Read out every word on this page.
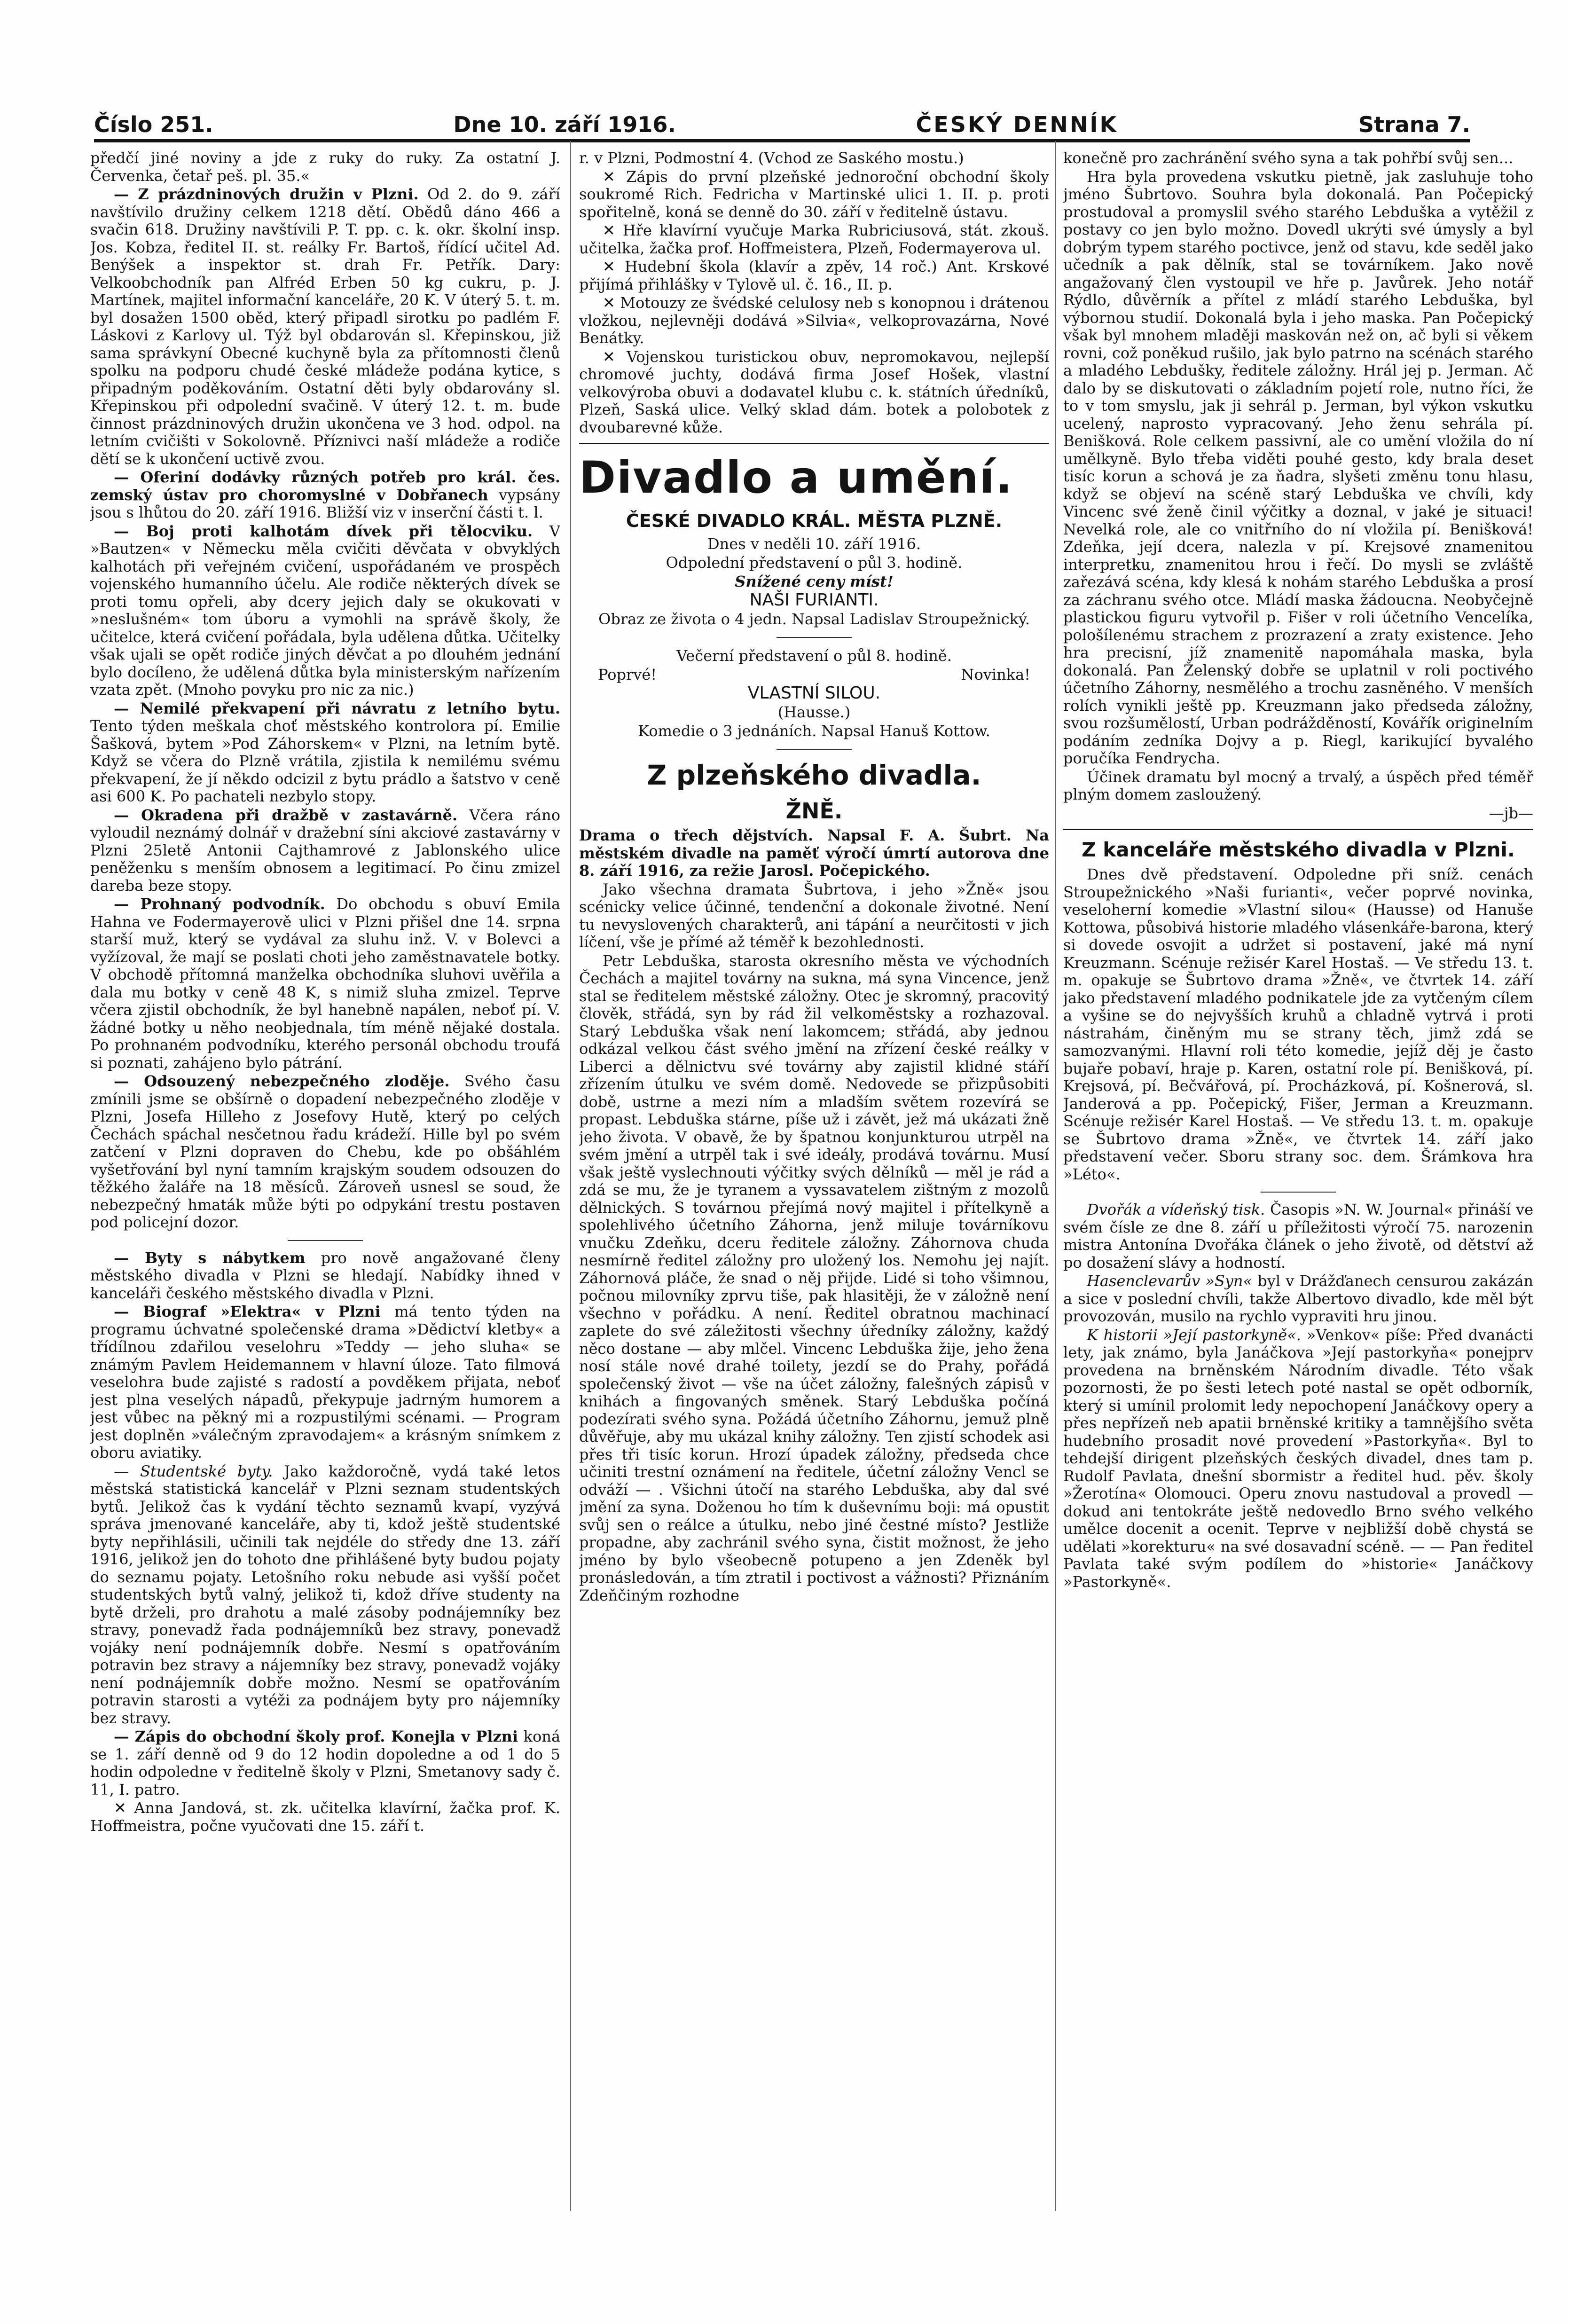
Číslo 251.	Dne 10. září 1916.	ČESKÝ DENNÍK	Strana 7.

předčí jiné noviny a jde z ruky do ruky. Za ostatní J. Červenka, četař peš. pl. 35.«

— Z prázdninových družin v Plzni. Od 2. do 9. září navštívilo družiny celkem 1218 dětí. Obědů dáno 466 a svačin 618. Družiny navštívili P. T. pp. c. k. okr. školní insp. Jos. Kobza, ředitel II. st. reálky Fr. Bartoš, řídící učitel Ad. Benýšek a inspektor st. drah Fr. Petřík. Dary: Velkoobchodník pan Alfréd Erben 50 kg cukru, p. J. Martínek, majitel informační kanceláře, 20 K. V úterý 5. t. m. byl dosažen 1500 oběd, který připadl sirotku po padlém F. Láskovi z Karlovy ul. Týž byl obdarován sl. Křepinskou, již sama správkyní Obecné kuchyně byla za přítomnosti členů spolku na podporu chudé české mládeže podána kytice, s připadným poděkováním. Ostatní děti byly obdarovány sl. Křepinskou při odpolední svačině. V úterý 12. t. m. bude činnost prázdninových družin ukončena ve 3 hod. odpol. na letním cvičišti v Sokolovně. Příznivci naší mládeže a rodiče dětí se k ukončení uctivě zvou.

— Oferiní dodávky různých potřeb pro král. čes. zemský ústav pro choromyslné v Dobřanech vypsány jsou s lhůtou do 20. září 1916. Bližší viz v inserční části t. l.

— Boj proti kalhotám dívek při tělocviku. V »Bautzen« v Německu měla cvičiti děvčata v obvyklých kalhotách při veřejném cvičení, uspořádaném ve prospěch vojenského humanního účelu. Ale rodiče některých dívek se proti tomu opřeli, aby dcery jejich daly se okukovati v »neslušném« tom úboru a vymohli na správě školy, že učitelce, která cvičení pořádala, byla udělena důtka. Učitelky však ujali se opět rodiče jiných děvčat a po dlouhém jednání bylo docíleno, že udělená důtka byla ministerským nařízením vzata zpět. (Mnoho povyku pro nic za nic.)

— Nemilé překvapení při návratu z letního bytu. Tento týden meškala choť městského kontrolora pí. Emilie Šašková, bytem »Pod Záhorskem« v Plzni, na letním bytě. Když se včera do Plzně vrátila, zjistila k nemilému svému překvapení, že jí někdo odcizil z bytu prádlo a šatstvo v ceně asi 600 K. Po pachateli nezbylo stopy.

— Okradena při dražbě v zastavárně. Včera ráno vyloudil neznámý dolnář v dražební síni akciové zastavárny v Plzni 25letě Antonii Cajthamrové z Jablonského ulice peněženku s menším obnosem a legitimací. Po činu zmizel dareba beze stopy.

— Prohnaný podvodník. Do obchodu s obuví Emila Hahna ve Fodermayerově ulici v Plzni přišel dne 14. srpna starší muž, který se vydával za sluhu inž. V. v Bolevci a vyžízoval, že mají se poslati choti jeho zaměstnavatele botky. V obchodě přítomná manželka obchodníka sluhovi uvěřila a dala mu botky v ceně 48 K, s nimiž sluha zmizel. Teprve včera zjistil obchodník, že byl hanebně napálen, neboť pí. V. žádné botky u něho neobjednala, tím méně nějaké dostala. Po prohnaném podvodníku, kterého personál obchodu troufá si poznati, zahájeno bylo pátrání.

— Odsouzený nebezpečného zloděje. Svého času zmínili jsme se obšírně o dopadení nebezpečného zloděje v Plzni, Josefa Hilleho z Josefovy Hutě, který po celých Čechách spáchal nesčetnou řadu krádeží. Hille byl po svém zatčení v Plzni dopraven do Chebu, kde po obšáhlém vyšetřování byl nyní tamním krajským soudem odsouzen do těžkého žaláře na 18 měsíců. Zároveň usnesl se soud, že nebezpečný hmaták může býti po odpykání trestu postaven pod policejní dozor.

— Byty s nábytkem pro nově angažované členy městského divadla v Plzni se hledají. Nabídky ihned v kanceláři českého městského divadla v Plzni.

— Biograf »Elektra« v Plzni má tento týden na programu úchvatné společenské drama »Dědictví kletby« a třídílnou zdařilou veselohru »Teddy — jeho sluha« se známým Pavlem Heidemannem v hlavní úloze. Tato filmová veselohra bude zajisté s radostí a povděkem přijata, neboť jest plna veselých nápadů, překypuje jadrným humorem a jest vůbec na pěkný mi a rozpustilými scénami. — Program jest doplněn »válečným zpravodajem« a krásným snímkem z oboru aviatiky.

— Studentské byty. Jako každoročně, vydá také letos městská statistická kancelář v Plzni seznam studentských bytů. Jelikož čas k vydání těchto seznamů kvapí, vyzývá správa jmenované kanceláře, aby ti, kdož ještě studentské byty nepřihlásili, učinili tak nejdéle do středy dne 13. září 1916, jelikož jen do tohoto dne přihlášené byty budou pojaty do seznamu pojaty. Letošního roku nebude asi vyšší počet studentských bytů valný, jelikož ti, kdož dříve studenty na bytě drželi, pro drahotu a malé zásoby podnájemníky bez stravy, ponevadž řada podnájemníků bez stravy, ponevadž vojáky není podnájemník dobře. Nesmí s opatřováním potravin bez stravy a nájemníky bez stravy, ponevadž vojáky není podnájemník dobře možno. Nesmí se opatřováním potravin starosti a vytéži za podnájem byty pro nájemníky bez stravy.

— Zápis do obchodní školy prof. Konejla v Plzni koná se 1. září denně od 9 do 12 hodin dopoledne a od 1 do 5 hodin odpoledne v ředitelně školy v Plzni, Smetanovy sady č. 11, I. patro.

✕ Anna Jandová, st. zk. učitelka klavírní, žačka prof. K. Hoffmeistra, počne vyučovati dne 15. září t.

r. v Plzni, Podmostní 4. (Vchod ze Saského mostu.)

✕ Zápis do první plzeňské jednoroční obchodní školy soukromé Rich. Fedricha v Martinské ulici 1. II. p. proti spořitelně, koná se denně do 30. září v ředitelně ústavu.

✕ Hře klavírní vyučuje Marka Rubriciusová, stát. zkouš. učitelka, žačka prof. Hoffmeistera, Plzeň, Fodermayerova ul.

✕ Hudební škola (klavír a zpěv, 14 roč.) Ant. Krskové přijímá přihlášky v Tylově ul. č. 16., II. p.

✕ Motouzy ze švédské celulosy neb s konopnou i drátenou vložkou, nejlevněji dodává »Silvia«, velkoprovazárna, Nové Benátky.

✕ Vojenskou turistickou obuv, nepromokavou, nejlepší chromové juchty, dodává firma Josef Hošek, vlastní velkovýroba obuvi a dodavatel klubu c. k. státních úředníků, Plzeň, Saská ulice. Velký sklad dám. botek a polobotek z dvoubarevné kůže.

Divadlo a umění.
ČESKÉ DIVADLO KRÁL. MĚSTA PLZNĚ.
Dnes v neděli 10. září 1916.
Odpolední představení o půl 3. hodině.
Snížené ceny míst!
NAŠI FURIANTI.
Obraz ze života o 4 jedn. Napsal Ladislav Stroupežnický.
Večerní představení o půl 8. hodině.
Poprvé!	Novinka!
VLASTNÍ SILOU.
(Hausse.)
Komedie o 3 jednáních. Napsal Hanuš Kottow.
Z plzeňského divadla.
ŽNĚ.

Drama o třech dějstvích. Napsal F. A. Šubrt. Na městském divadle na paměť výročí úmrtí autorova dne 8. září 1916, za režie Jarosl. Počepického.

Jako všechna dramata Šubrtova, i jeho »Žně« jsou scénicky velice účinné, tendenční a dokonale životné. Není tu nevyslovených charakterů, ani tápání a neurčitosti v jich líčení, vše je přímé až téměř k bezohlednosti.

Petr Lebduška, starosta okresního města ve východních Čechách a majitel továrny na sukna, má syna Vincence, jenž stal se ředitelem městské záložny. Otec je skromný, pracovitý člověk, střádá, syn by rád žil velkoměstsky a rozhazoval. Starý Lebduška však není lakomcem; střádá, aby jednou odkázal velkou část svého jmění na zřízení české reálky v Liberci a dělnictvu své továrny aby zajistil klidné stáří zřízením útulku ve svém domě. Nedovede se přizpůsobiti době, ustrne a mezi ním a mladším světem rozevírá se propast. Lebduška stárne, píše už i závět, jež má ukázati žně jeho života. V obavě, že by špatnou konjunkturou utrpěl na svém jmění a utrpěl tak i své ideály, prodává továrnu. Musí však ještě vyslechnouti výčitky svých dělníků — měl je rád a zdá se mu, že je tyranem a vyssavatelem zištným z mozolů dělnických. S továrnou přejímá nový majitel i přítelkyně a spolehlivého účetního Záhorna, jenž miluje továrníkovu vnučku Zdeňku, dceru ředitele záložny. Záhornova chuda nesmírně ředitel záložny pro uložený los. Nemohu jej najít. Záhornová pláče, že snad o něj přijde. Lidé si toho všimnou, počnou milovníky zprvu tiše, pak hlasitěji, že v záložně není všechno v pořádku. A není. Ředitel obratnou machinací zaplete do své záležitosti všechny úředníky záložny, každý něco dostane — aby mlčel. Vincenc Lebduška žije, jeho žena nosí stále nové drahé toilety, jezdí se do Prahy, pořádá společenský život — vše na účet záložny, falešných zápisů v knihách a fingovaných směnek. Starý Lebduška počíná podezírati svého syna. Požádá účetního Záhornu, jemuž plně důvěřuje, aby mu ukázal knihy záložny. Ten zjistí schodek asi přes tři tisíc korun. Hrozí úpadek záložny, předseda chce učiniti trestní oznámení na ředitele, účetní záložny Vencl se odváží — . Všichni útočí na starého Lebduška, aby dal své jmění za syna. Doženou ho tím k duševnímu boji: má opustit svůj sen o reálce a útulku, nebo jiné čestné místo? Jestliže propadne, aby zachránil svého syna, čistit možnost, že jeho jméno by bylo všeobecně potupeno a jen Zdeněk byl pronásledován, a tím ztratil i poctivost a vážnosti? Přiznáním Zdeňčiným rozhodne

konečně pro zachránění svého syna a tak pohřbí svůj sen...

Hra byla provedena vskutku pietně, jak zasluhuje toho jméno Šubrtovo. Souhra byla dokonalá. Pan Počepický prostudoval a promyslil svého starého Lebduška a vytěžil z postavy co jen bylo možno. Dovedl ukrýti své úmysly a byl dobrým typem starého poctivce, jenž od stavu, kde seděl jako učedník a pak dělník, stal se továrníkem. Jako nově angažovaný člen vystoupil ve hře p. Javůrek. Jeho notář Rýdlo, důvěrník a přítel z mládí starého Lebduška, byl výbornou studií. Dokonalá byla i jeho maska. Pan Počepický však byl mnohem mlaději maskován než on, ač byli si věkem rovni, což poněkud rušilo, jak bylo patrno na scénách starého a mladého Lebdušky, ředitele záložny. Hrál jej p. Jerman. Ač dalo by se diskutovati o základním pojetí role, nutno říci, že to v tom smyslu, jak ji sehrál p. Jerman, byl výkon vskutku ucelený, naprosto vypracovaný. Jeho ženu sehrála pí. Benišková. Role celkem passivní, ale co umění vložila do ní umělkyně. Bylo třeba viděti pouhé gesto, kdy brala deset tisíc korun a schová je za ňadra, slyšeti změnu tonu hlasu, když se objeví na scéně starý Lebduška ve chvíli, kdy Vincenc své ženě činil výčitky a doznal, v jaké je situaci! Nevelká role, ale co vnitřního do ní vložila pí. Benišková! Zdeňka, její dcera, nalezla v pí. Krejsové znamenitou interpretku, znamenitou hrou i řečí. Do mysli se zvláště zařezává scéna, kdy klesá k nohám starého Lebduška a prosí za záchranu svého otce. Mládí maska žádoucna. Neobyčejně plastickou figuru vytvořil p. Fišer v roli účetního Vencelíka, pološílenému strachem z prozrazení a zraty existence. Jeho hra precisní, jíž znamenitě napomáhala maska, byla dokonalá. Pan Želenský dobře se uplatnil v roli poctivého účetního Záhorny, nesmělého a trochu zasněného. V menších rolích vynikli ještě pp. Kreuzmann jako předseda záložny, svou rozšumělostí, Urban podrážděností, Kovářík originelním podáním zedníka Dojvy a p. Riegl, karikující byvalého poručíka Fendrycha.

Účinek dramatu byl mocný a trvalý, a úspěch před téměř plným domem zasloužený.

—jb—

Z kanceláře městského divadla v Plzni.

Dnes dvě představení. Odpoledne při sníž. cenách Stroupežnického »Naši furianti«, večer poprvé novinka, veseloherní komedie »Vlastní silou« (Hausse) od Hanuše Kottowa, působivá historie mladého vlásenkáře-barona, který si dovede osvojit a udržet si postavení, jaké má nyní Kreuzmann. Scénuje režisér Karel Hostaš. — Ve středu 13. t. m. opakuje se Šubrtovo drama »Žně«, ve čtvrtek 14. září jako představení mladého podnikatele jde za vytčeným cílem a vyšine se do nejvyšších kruhů a chladně vytrvá i proti nástrahám, činěným mu se strany těch, jimž zdá se samozvanými. Hlavní roli této komedie, jejíž děj je často bujaře pobaví, hraje p. Karen, ostatní role pí. Benišková, pí. Krejsová, pí. Bečvářová, pí. Procházková, pí. Košnerová, sl. Janderová a pp. Počepický, Fišer, Jerman a Kreuzmann. Scénuje režisér Karel Hostaš. — Ve středu 13. t. m. opakuje se Šubrtovo drama »Žně«, ve čtvrtek 14. září jako představení večer. Sboru strany soc. dem. Šrámkova hra »Léto«.

Dvořák a vídeňský tisk. Časopis »N. W. Journal« přináší ve svém čísle ze dne 8. září u příležitosti výročí 75. narozenin mistra Antonína Dvořáka článek o jeho životě, od dětství až po dosažení slávy a hodností.

Hasenclevarův »Syn« byl v Drážďanech censurou zakázán a sice v poslední chvíli, takže Albertovo divadlo, kde měl být provozován, musilo na rychlo vypraviti hru jinou.

K historii »Její pastorkyně«. »Venkov« píše: Před dvanácti lety, jak známo, byla Janáčkova »Její pastorkyňa« ponejprv provedena na brněnském Národním divadle. Této však pozornosti, že po šesti letech poté nastal se opět odborník, který si umínil prolomit ledy nepochopení Janáčkovy opery a přes nepřízeň neb apatii brněnské kritiky a tamnějšího světa hudebního prosadit nové provedení »Pastorkyňa«. Byl to tehdejší dirigent plzeňských českých divadel, dnes tam p. Rudolf Pavlata, dnešní sbormistr a ředitel hud. pěv. školy »Žerotína« Olomouci. Operu znovu nastudoval a provedl — dokud ani tentokráte ještě nedovedlo Brno svého velkého umělce docenit a ocenit. Teprve v nejbližší době chystá se udělati »korekturu« na své dosavadní scéně. — — Pan ředitel Pavlata také svým podílem do »historie« Janáčkovy »Pastorkyně«.
